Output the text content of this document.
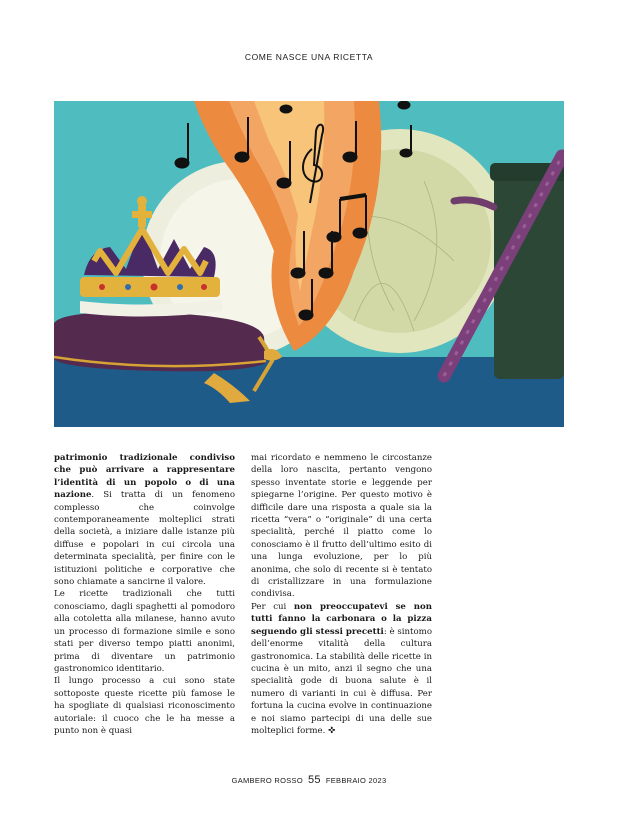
COME NASCE UNA RICETTA

patrimonio tradizionale condiviso che può arrivare a rappresentare l’identità di un popolo o di una nazione. Si tratta di un fenomeno complesso che coinvolge contemporaneamente molteplici strati della società, a iniziare dalle istanze più diffuse e popolari in cui circola una determinata specialità, per finire con le istituzioni politiche e corporative che sono chiamate a sancirne il valore.

Le ricette tradizionali che tutti conosciamo, dagli spaghetti al pomodoro alla cotoletta alla milanese, hanno avuto un processo di formazione simile e sono stati per diverso tempo piatti anonimi, prima di diventare un patrimonio gastronomico identitario.

Il lungo processo a cui sono state sottoposte queste ricette più famose le ha spogliate di qualsiasi riconoscimento autoriale: il cuoco che le ha messe a punto non è quasi

mai ricordato e nemmeno le circostanze della loro nascita, pertanto vengono spesso inventate storie e leggende per spiegarne l’origine. Per questo motivo è difficile dare una risposta a quale sia la ricetta “vera” o “originale” di una certa specialità, perché il piatto come lo conosciamo è il frutto dell’ultimo esito di una lunga evoluzione, per lo più anonima, che solo di recente si è tentato di cristallizzare in una formulazione condivisa.

Per cui non preoccupatevi se non tutti fanno la carbonara o la pizza seguendo gli stessi precetti: è sintomo dell’enorme vitalità della cultura gastronomica. La stabilità delle ricette in cucina è un mito, anzi il segno che una specialità gode di buona salute è il numero di varianti in cui è diffusa. Per fortuna la cucina evolve in continuazione e noi siamo partecipi di una delle sue molteplici forme. ✜

GAMBERO ROSSO 55 FEBBRAIO 2023
